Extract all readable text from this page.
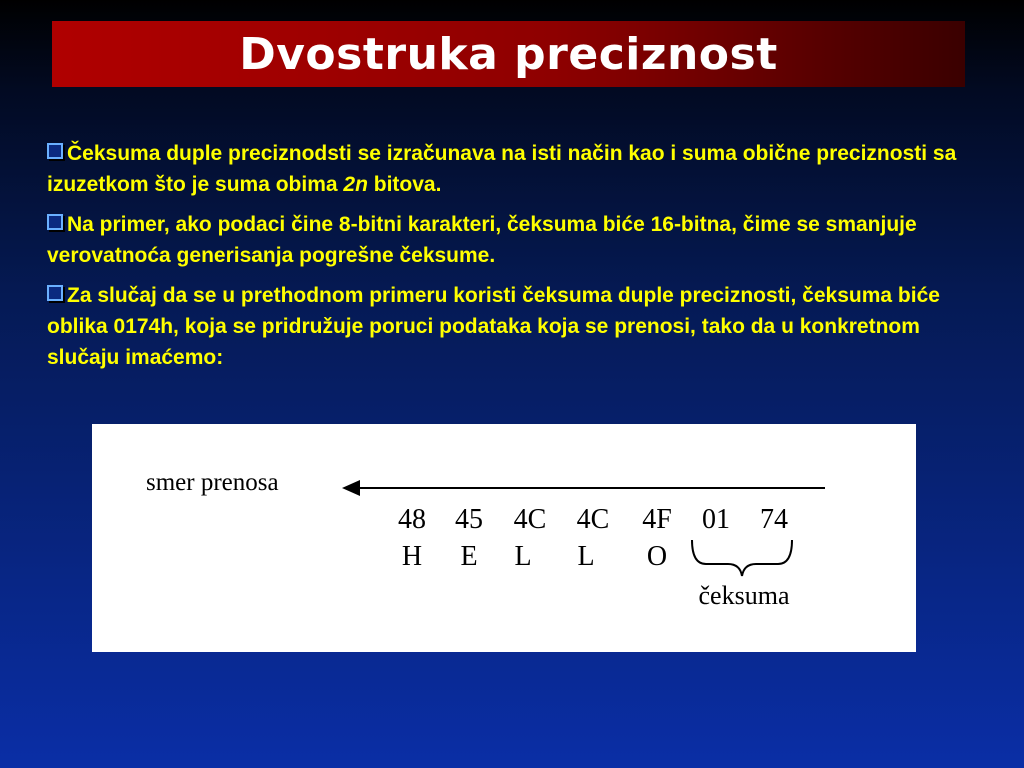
Dvostruka preciznost

Čeksuma duple preciznodsti se izračunava na isti način kao i suma obične preciznosti sa izuzetkom što je suma obima 2n bitova.

Na primer, ako podaci čine 8-bitni karakteri, čeksuma biće 16-bitna, čime se smanjuje verovatnoća generisanja pogrešne čeksume.

Za slučaj da se u prethodnom primeru koristi čeksuma duple preciznosti, čeksuma biće oblika 0174h, koja se pridružuje poruci podataka koja se prenosi, tako da u konkretnom slučaju imaćemo:

smer prenosa
48 45 4C 4C 4F 01 74
H E L L O
čeksuma
